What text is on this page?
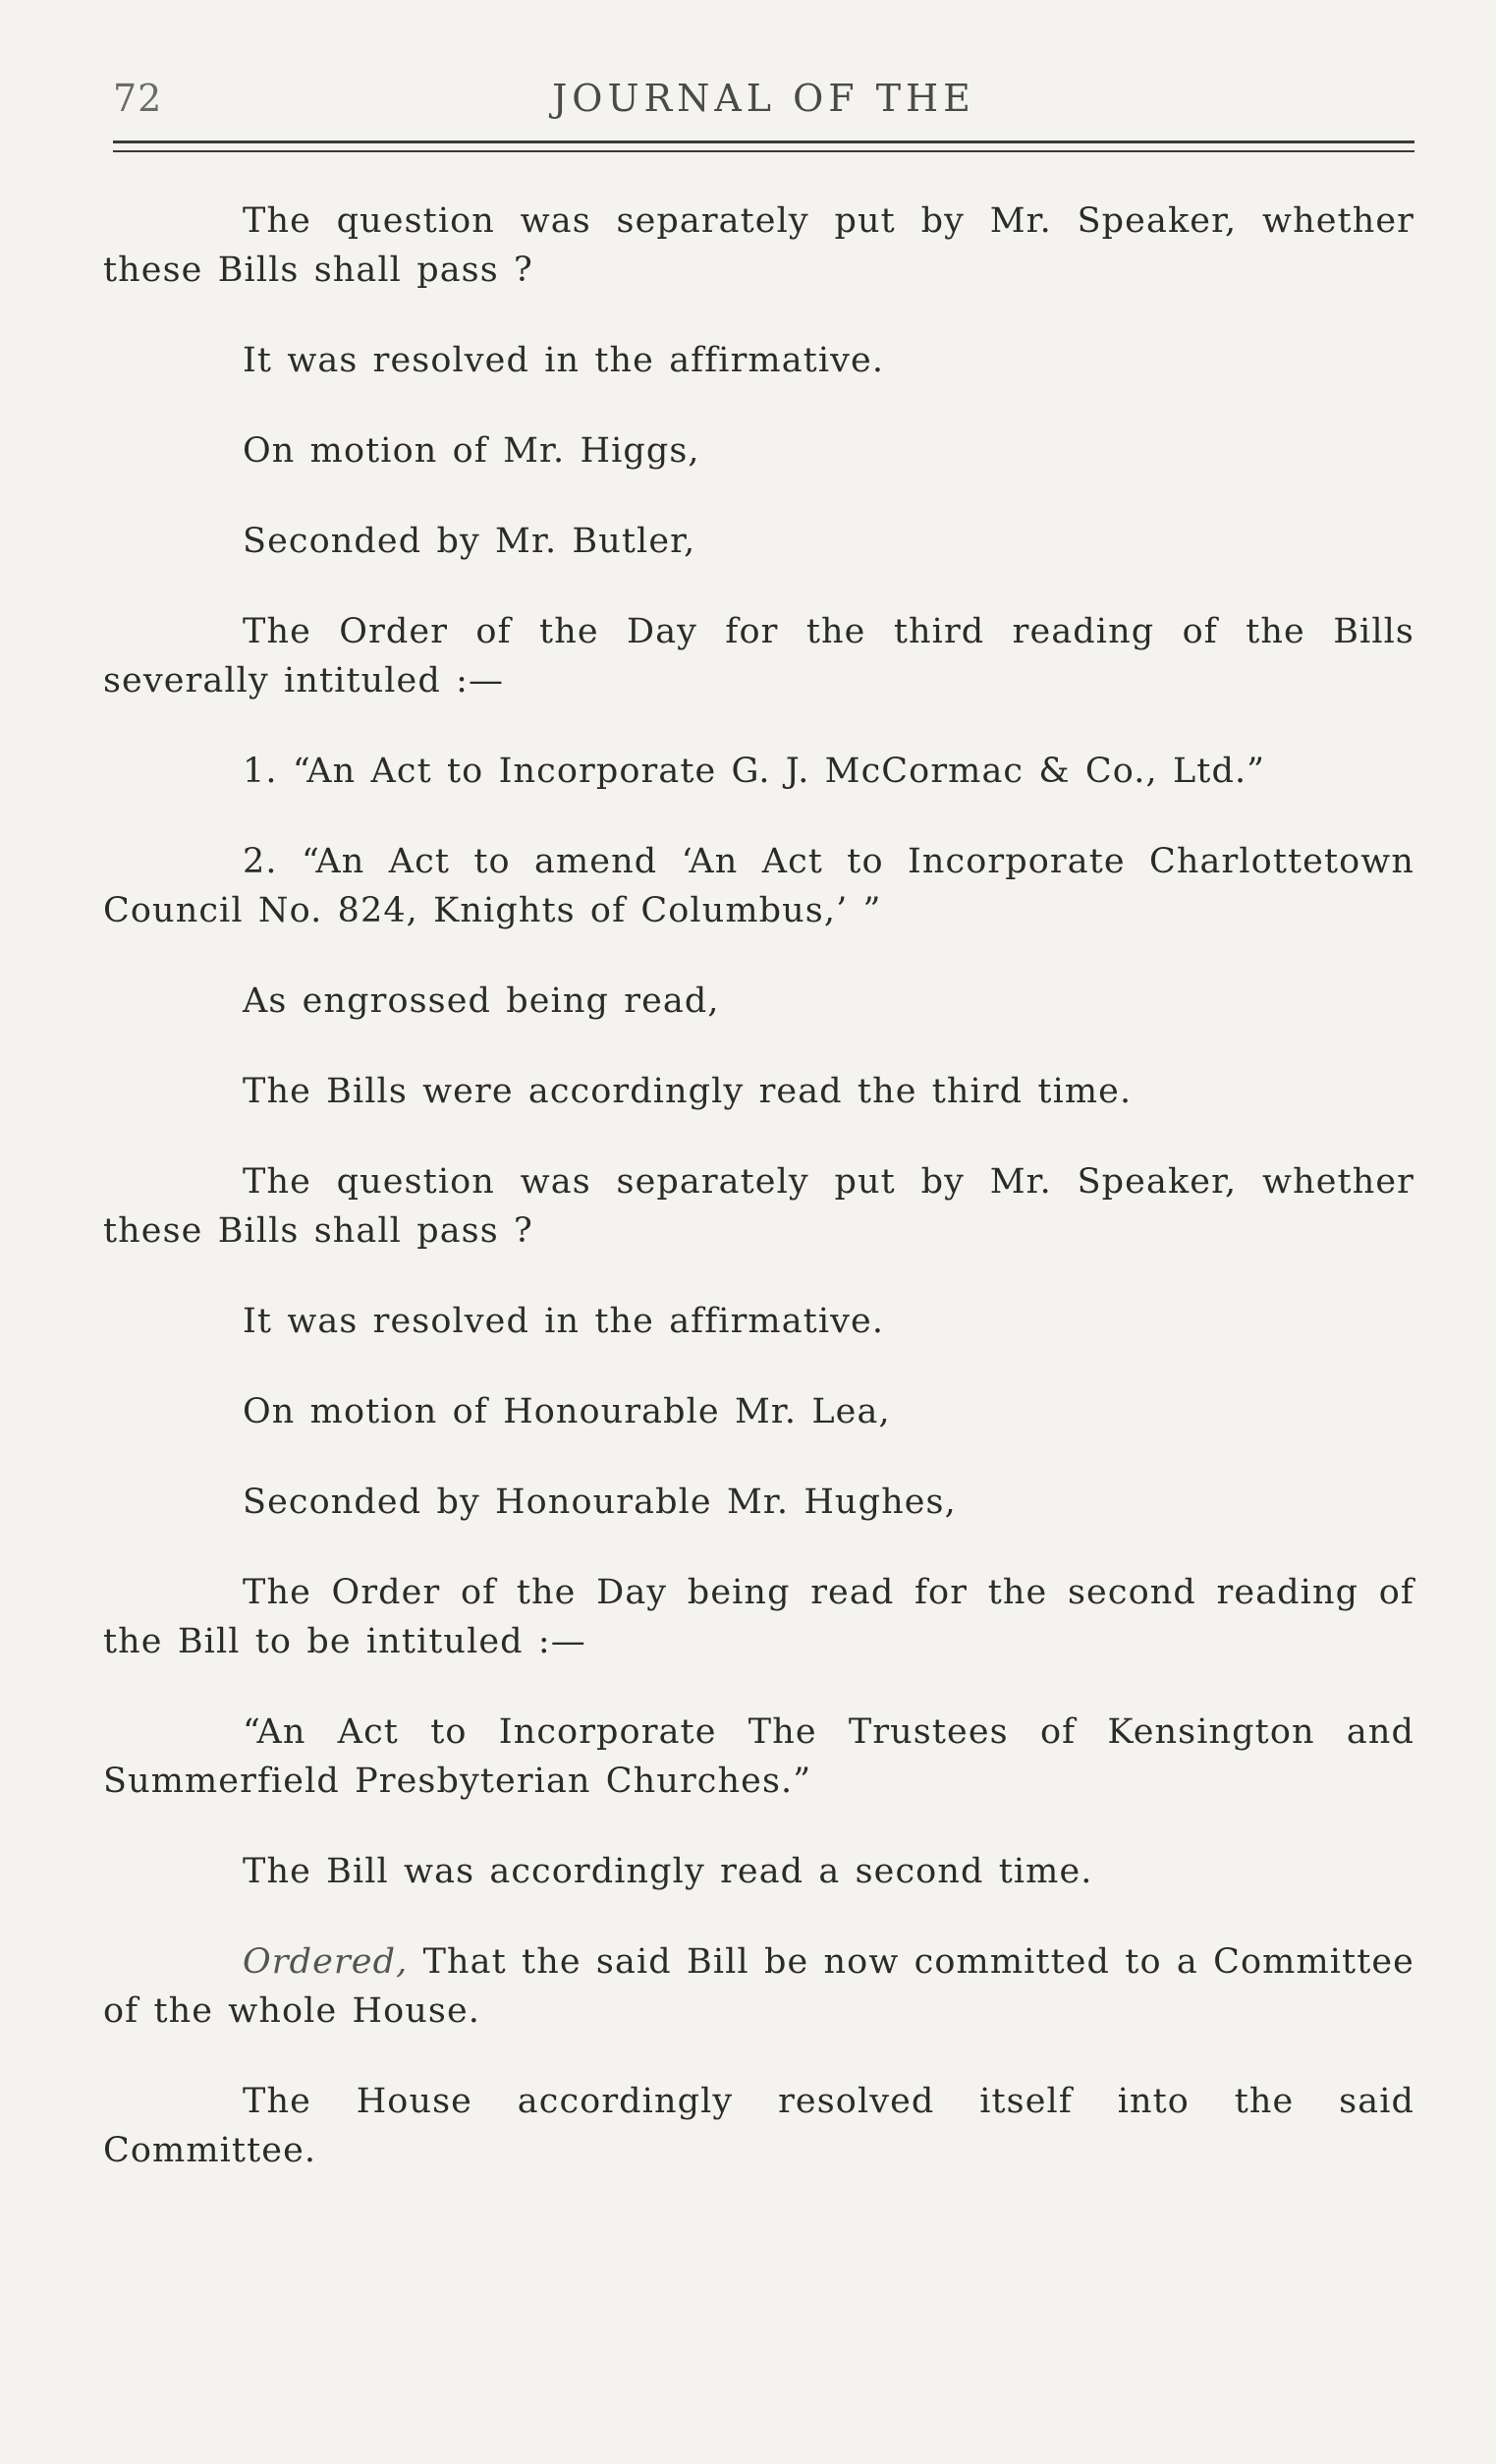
72	JOURNAL OF THE

The question was separately put by Mr. Speaker, whether these Bills shall pass ?

It was resolved in the affirmative.

On motion of Mr. Higgs,

Seconded by Mr. Butler,

The Order of the Day for the third reading of the Bills severally intituled :—

1. “An Act to Incorporate G. J. McCormac & Co., Ltd.”

2. “An Act to amend ‘An Act to Incorporate Charlottetown Council No. 824, Knights of Columbus,’ ”

As engrossed being read,

The Bills were accordingly read the third time.

The question was separately put by Mr. Speaker, whether these Bills shall pass ?

It was resolved in the affirmative.

On motion of Honourable Mr. Lea,

Seconded by Honourable Mr. Hughes,

The Order of the Day being read for the second reading of the Bill to be intituled :—

“An Act to Incorporate The Trustees of Kensington and Summerfield Presbyterian Churches.”

The Bill was accordingly read a second time.

Ordered, That the said Bill be now committed to a Committee of the whole House.

The House accordingly resolved itself into the said Committee.
